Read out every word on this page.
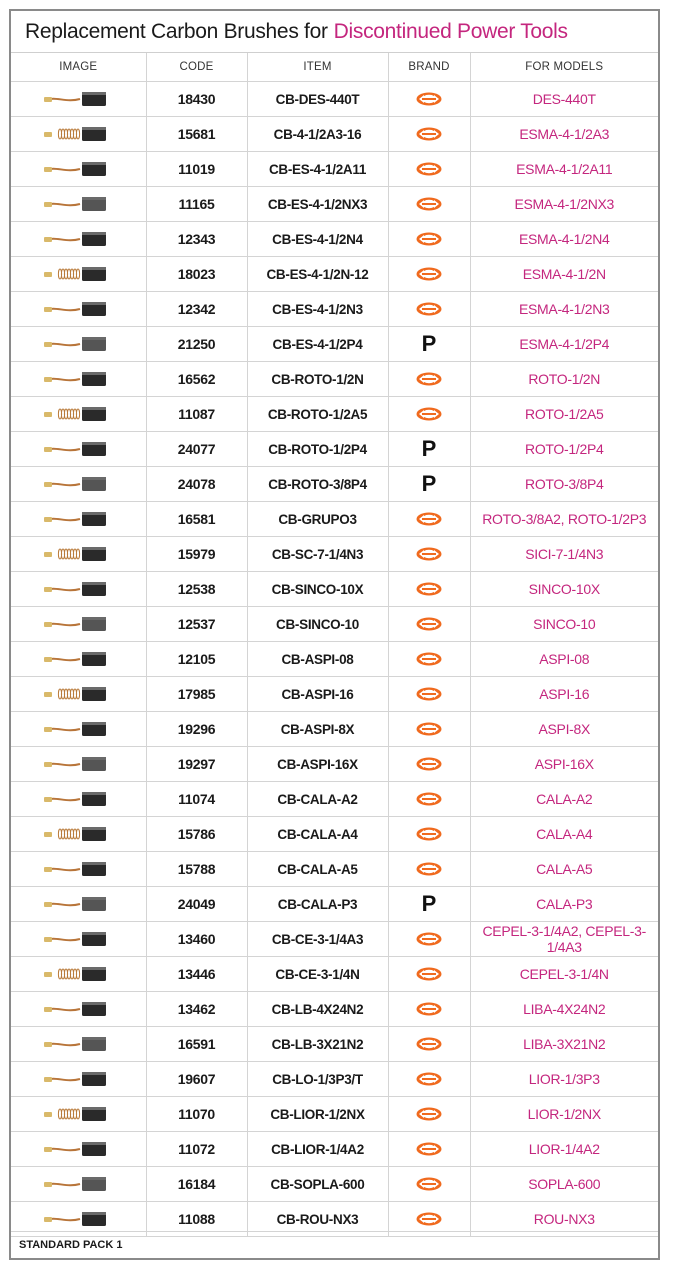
Replacement Carbon Brushes for Discontinued Power Tools
IMAGE	CODE	ITEM	BRAND	FOR MODELS

	18430	CB-DES-440T		DES-440T

	15681	CB-4-1/2A3-16		ESMA-4-1/2A3

	11019	CB-ES-4-1/2A11		ESMA-4-1/2A11

	11165	CB-ES-4-1/2NX3		ESMA-4-1/2NX3

	12343	CB-ES-4-1/2N4		ESMA-4-1/2N4

	18023	CB-ES-4-1/2N-12		ESMA-4-1/2N

	12342	CB-ES-4-1/2N3		ESMA-4-1/2N3

	21250	CB-ES-4-1/2P4	P	ESMA-4-1/2P4

	16562	CB-ROTO-1/2N		ROTO-1/2N

	11087	CB-ROTO-1/2A5		ROTO-1/2A5

	24077	CB-ROTO-1/2P4	P	ROTO-1/2P4

	24078	CB-ROTO-3/8P4	P	ROTO-3/8P4

	16581	CB-GRUPO3		ROTO-3/8A2, ROTO-1/2P3

	15979	CB-SC-7-1/4N3		SICI-7-1/4N3

	12538	CB-SINCO-10X		SINCO-10X

	12537	CB-SINCO-10		SINCO-10

	12105	CB-ASPI-08		ASPI-08

	17985	CB-ASPI-16		ASPI-16

	19296	CB-ASPI-8X		ASPI-8X

	19297	CB-ASPI-16X		ASPI-16X

	11074	CB-CALA-A2		CALA-A2

	15786	CB-CALA-A4		CALA-A4

	15788	CB-CALA-A5		CALA-A5

	24049	CB-CALA-P3	P	CALA-P3

	13460	CB-CE-3-1/4A3		CEPEL-3-1/4A2, CEPEL-3-1/4A3

	13446	CB-CE-3-1/4N		CEPEL-3-1/4N

	13462	CB-LB-4X24N2		LIBA-4X24N2

	16591	CB-LB-3X21N2		LIBA-3X21N2

	19607	CB-LO-1/3P3/T		LIOR-1/3P3

	11070	CB-LIOR-1/2NX		LIOR-1/2NX

	11072	CB-LIOR-1/4A2		LIOR-1/4A2

	16184	CB-SOPLA-600		SOPLA-600

	11088	CB-ROU-NX3		ROU-NX3
STANDARD PACK 1
